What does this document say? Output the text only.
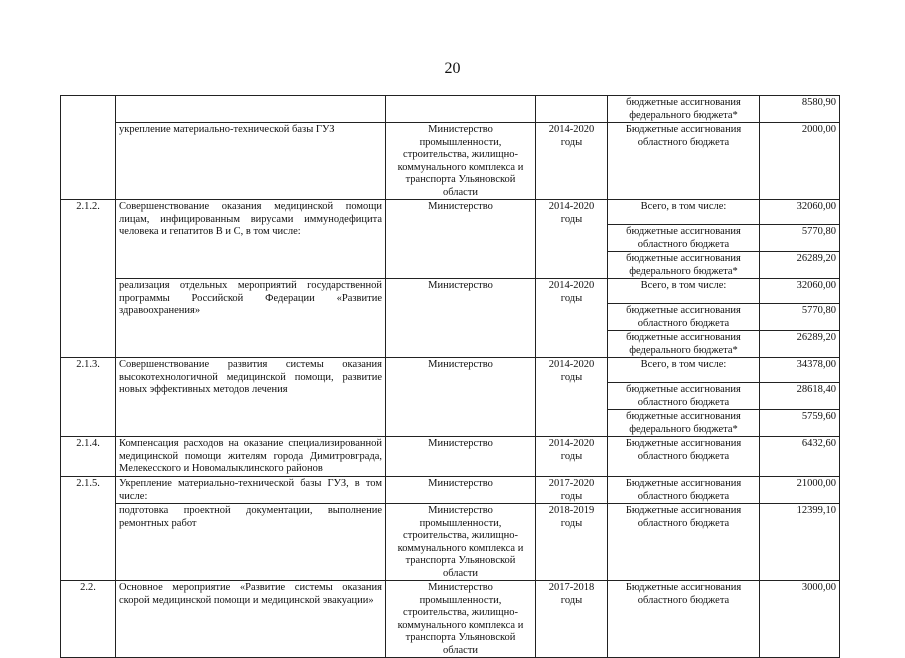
20
				бюджетные ассигнования федерального бюджета*	8580,90
	укрепление материально-технической базы ГУЗ	Министерство промышленности, строительства, жилищно-коммунального комплекса и транспорта Ульяновской области	2014-2020 годы	Бюджетные ассигнования областного бюджета	2000,00
2.1.2.	Совершенствование оказания медицинской помощи лицам, инфицированным вирусами иммунодефицита человека и гепатитов В и С, в том числе:	Министерство	2014-2020 годы	Всего, в том числе:	32060,00
				бюджетные ассигнования областного бюджета	5770,80
				бюджетные ассигнования федерального бюджета*	26289,20
	реализация отдельных мероприятий государственной программы Российской Федерации «Развитие здравоохранения»	Министерство	2014-2020 годы	Всего, в том числе:	32060,00
				бюджетные ассигнования областного бюджета	5770,80
				бюджетные ассигнования федерального бюджета*	26289,20
2.1.3.	Совершенствование развития системы оказания высокотехнологичной медицинской помощи, развитие новых эффективных методов лечения	Министерство	2014-2020 годы	Всего, в том числе:	34378,00
				бюджетные ассигнования областного бюджета	28618,40
				бюджетные ассигнования федерального бюджета*	5759,60
2.1.4.	Компенсация расходов на оказание специализированной медицинской помощи жителям города Димитровграда, Мелекесского и Новомалыклинского районов	Министерство	2014-2020 годы	Бюджетные ассигнования областного бюджета	6432,60
2.1.5.	Укрепление материально-технической базы ГУЗ, в том числе:	Министерство	2017-2020 годы	Бюджетные ассигнования областного бюджета	21000,00
	подготовка проектной документации, выполнение ремонтных работ	Министерство промышленности, строительства, жилищно-коммунального комплекса и транспорта Ульяновской области	2018-2019 годы	Бюджетные ассигнования областного бюджета	12399,10
2.2.	Основное мероприятие «Развитие системы оказания скорой медицинской помощи и медицинской эвакуации»	Министерство промышленности, строительства, жилищно-коммунального комплекса и транспорта Ульяновской области	2017-2018 годы	Бюджетные ассигнования областного бюджета	3000,00
